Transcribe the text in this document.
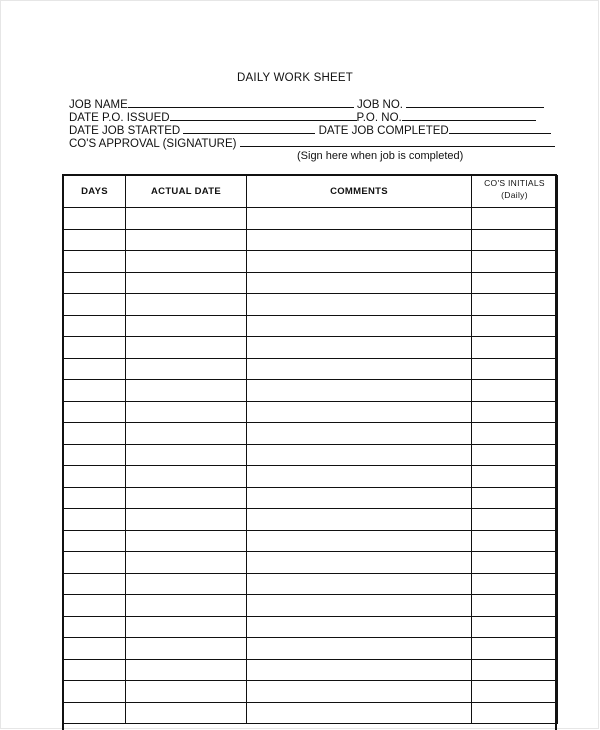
DAILY WORK SHEET
JOB NAME	JOB NO.
DATE P.O. ISSUED	P.O. NO.
DATE JOB STARTED	DATE JOB COMPLETED
CO'S APPROVAL (SIGNATURE)
(Sign here when job is completed)
DAYS	ACTUAL DATE	COMMENTS	CO'S INITIALS
(Daily)
